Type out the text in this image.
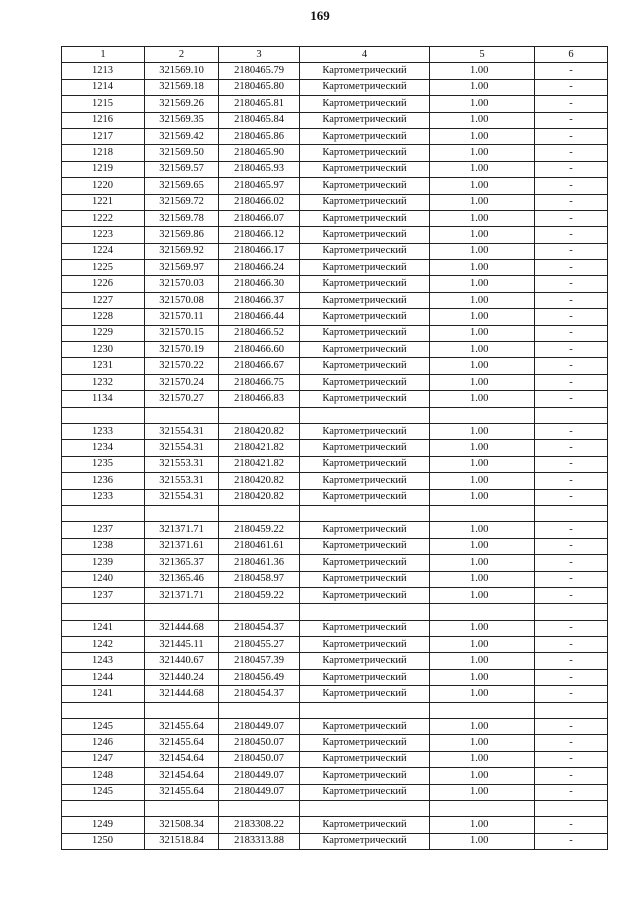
169
1	2	3	4	5	6
1213	321569.10	2180465.79	Картометрический	1.00	-
1214	321569.18	2180465.80	Картометрический	1.00	-
1215	321569.26	2180465.81	Картометрический	1.00	-
1216	321569.35	2180465.84	Картометрический	1.00	-
1217	321569.42	2180465.86	Картометрический	1.00	-
1218	321569.50	2180465.90	Картометрический	1.00	-
1219	321569.57	2180465.93	Картометрический	1.00	-
1220	321569.65	2180465.97	Картометрический	1.00	-
1221	321569.72	2180466.02	Картометрический	1.00	-
1222	321569.78	2180466.07	Картометрический	1.00	-
1223	321569.86	2180466.12	Картометрический	1.00	-
1224	321569.92	2180466.17	Картометрический	1.00	-
1225	321569.97	2180466.24	Картометрический	1.00	-
1226	321570.03	2180466.30	Картометрический	1.00	-
1227	321570.08	2180466.37	Картометрический	1.00	-
1228	321570.11	2180466.44	Картометрический	1.00	-
1229	321570.15	2180466.52	Картометрический	1.00	-
1230	321570.19	2180466.60	Картометрический	1.00	-
1231	321570.22	2180466.67	Картометрический	1.00	-
1232	321570.24	2180466.75	Картометрический	1.00	-
1134	321570.27	2180466.83	Картометрический	1.00	-

1233	321554.31	2180420.82	Картометрический	1.00	-
1234	321554.31	2180421.82	Картометрический	1.00	-
1235	321553.31	2180421.82	Картометрический	1.00	-
1236	321553.31	2180420.82	Картометрический	1.00	-
1233	321554.31	2180420.82	Картометрический	1.00	-

1237	321371.71	2180459.22	Картометрический	1.00	-
1238	321371.61	2180461.61	Картометрический	1.00	-
1239	321365.37	2180461.36	Картометрический	1.00	-
1240	321365.46	2180458.97	Картометрический	1.00	-
1237	321371.71	2180459.22	Картометрический	1.00	-

1241	321444.68	2180454.37	Картометрический	1.00	-
1242	321445.11	2180455.27	Картометрический	1.00	-
1243	321440.67	2180457.39	Картометрический	1.00	-
1244	321440.24	2180456.49	Картометрический	1.00	-
1241	321444.68	2180454.37	Картометрический	1.00	-

1245	321455.64	2180449.07	Картометрический	1.00	-
1246	321455.64	2180450.07	Картометрический	1.00	-
1247	321454.64	2180450.07	Картометрический	1.00	-
1248	321454.64	2180449.07	Картометрический	1.00	-
1245	321455.64	2180449.07	Картометрический	1.00	-

1249	321508.34	2183308.22	Картометрический	1.00	-
1250	321518.84	2183313.88	Картометрический	1.00	-
